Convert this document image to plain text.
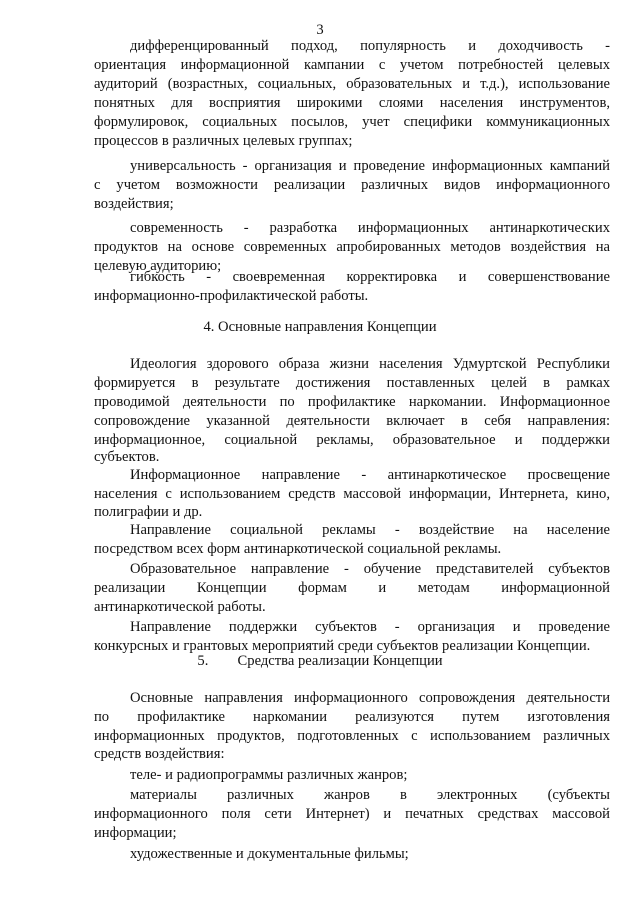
3
дифференцированный подход, популярность и доходчивость -
ориентация информационной кампании с учетом потребностей целевых
аудиторий (возрастных, социальных, образовательных и т.д.), использование
понятных для восприятия широкими слоями населения инструментов,
формулировок, социальных посылов, учет специфики коммуникационных
процессов в различных целевых группах;
универсальность - организация и проведение информационных кампаний
с учетом возможности реализации различных видов информационного
воздействия;
современность - разработка информационных антинаркотических
продуктов на основе современных апробированных методов воздействия на
целевую аудиторию;
гибкость - своевременная корректировка и совершенствование
информационно-профилактической работы.
4. Основные направления Концепции
Идеология здорового образа жизни населения Удмуртской Республики
формируется в результате достижения поставленных целей в рамках
проводимой деятельности по профилактике наркомании. Информационное
сопровождение указанной деятельности включает в себя направления:
информационное, социальной рекламы, образовательное и поддержки
субъектов.
Информационное направление - антинаркотическое просвещение
населения с использованием средств массовой информации, Интернета, кино,
полиграфии и др.
Направление социальной рекламы - воздействие на население
посредством всех форм антинаркотической социальной рекламы.
Образовательное направление - обучение представителей субъектов
реализации Концепции формам и методам информационной
антинаркотической работы.
Направление поддержки субъектов - организация и проведение
конкурсных и грантовых мероприятий среди субъектов реализации Концепции.
5.        Средства реализации Концепции
Основные направления информационного сопровождения деятельности
по профилактике наркомании реализуются путем изготовления
информационных продуктов, подготовленных с использованием различных
средств воздействия:
теле- и радиопрограммы различных жанров;
материалы различных жанров в электронных (субъекты
информационного поля сети Интернет) и печатных средствах массовой
информации;
художественные и документальные фильмы;
